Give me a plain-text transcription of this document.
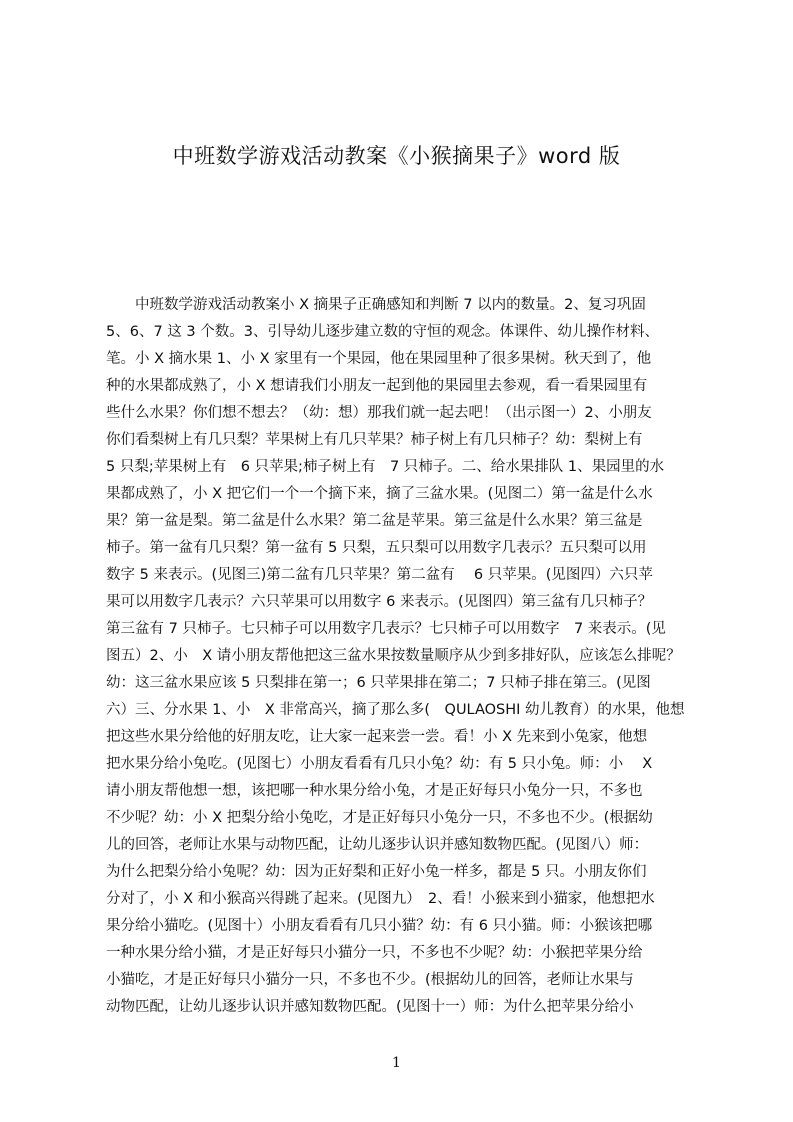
中班数学游戏活动教案《小猴摘果子》word 版
　　中班数学游戏活动教案小 X 摘果子正确感知和判断 7 以内的数量。2、复习巩固
5、6、7 这 3 个数。3、引导幼儿逐步建立数的守恒的观念。体课件、幼儿操作材料、
笔。小 X 摘水果 1、小 X 家里有一个果园，他在果园里种了很多果树。秋天到了，他
种的水果都成熟了，小 X 想请我们小朋友一起到他的果园里去参观，看一看果园里有
些什么水果？你们想不想去？（幼：想）那我们就一起去吧！（出示图一）2、小朋友
你们看梨树上有几只梨？苹果树上有几只苹果？柿子树上有几只柿子？幼：梨树上有
5 只梨;苹果树上有　6 只苹果;柿子树上有　7 只柿子。二、给水果排队 1、果园里的水
果都成熟了，小 X 把它们一个一个摘下来，摘了三盆水果。(见图二）第一盆是什么水
果？第一盆是梨。第二盆是什么水果？第二盆是苹果。第三盆是什么水果？第三盆是
柿子。第一盆有几只梨？第一盆有 5 只梨，五只梨可以用数字几表示？五只梨可以用
数字 5 来表示。(见图三)第二盆有几只苹果？第二盆有　 6 只苹果。(见图四）六只苹
果可以用数字几表示？六只苹果可以用数字 6 来表示。(见图四）第三盆有几只柿子？
第三盆有 7 只柿子。七只柿子可以用数字几表示？七只柿子可以用数字　7 来表示。(见
图五）2、小　X 请小朋友帮他把这三盆水果按数量顺序从少到多排好队，应该怎么排呢？
幼：这三盆水果应该 5 只梨排在第一；6 只苹果排在第二；7 只柿子排在第三。(见图
六）三、分水果 1、小　X 非常高兴，摘了那么多(　QULAOSHI 幼儿教育）的水果，他想
把这些水果分给他的好朋友吃，让大家一起来尝一尝。看！小 X 先来到小兔家，他想
把水果分给小兔吃。(见图七）小朋友看看有几只小兔？幼：有 5 只小兔。师：小　 X
请小朋友帮他想一想，该把哪一种水果分给小兔，才是正好每只小兔分一只，不多也
不少呢？幼：小 X 把梨分给小兔吃，才是正好每只小兔分一只，不多也不少。(根据幼
儿的回答，老师让水果与动物匹配，让幼儿逐步认识并感知数物匹配。(见图八）师：
为什么把梨分给小兔呢？幼：因为正好梨和正好小兔一样多，都是 5 只。小朋友你们
分对了，小 X 和小猴高兴得跳了起来。(见图九）　2、看！小猴来到小猫家，他想把水
果分给小猫吃。(见图十）小朋友看看有几只小猫？幼：有 6 只小猫。师：小猴该把哪
一种水果分给小猫，才是正好每只小猫分一只，不多也不少呢？幼：小猴把苹果分给
小猫吃，才是正好每只小猫分一只，不多也不少。(根据幼儿的回答，老师让水果与
动物匹配，让幼儿逐步认识并感知数物匹配。(见图十一）师：为什么把苹果分给小
1
